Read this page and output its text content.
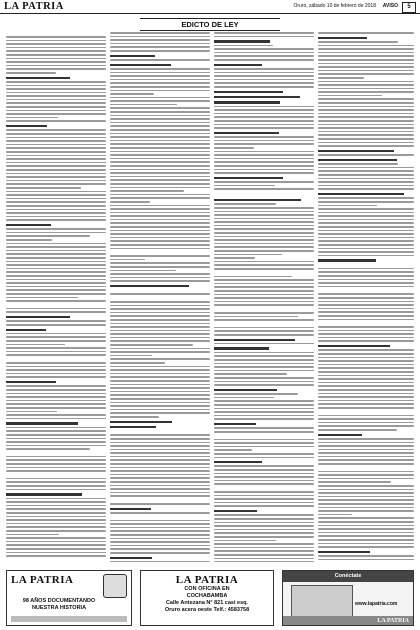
LA PATRIA	Oruro, sábado 10 de febrero de 2018 AVISO	5
EDICTO DE LEY
LA PATRIA
98 AÑOS DOCUMENTANDO
NUESTRA HISTORIA
LA PATRIA
CON OFICINA EN
COCHABAMBA
Calle Antezana N° 821 casi esq.
Oruro acera oeste Telf.: 4583758
Conéctate
www.lapatria.com
LA PATRIA
